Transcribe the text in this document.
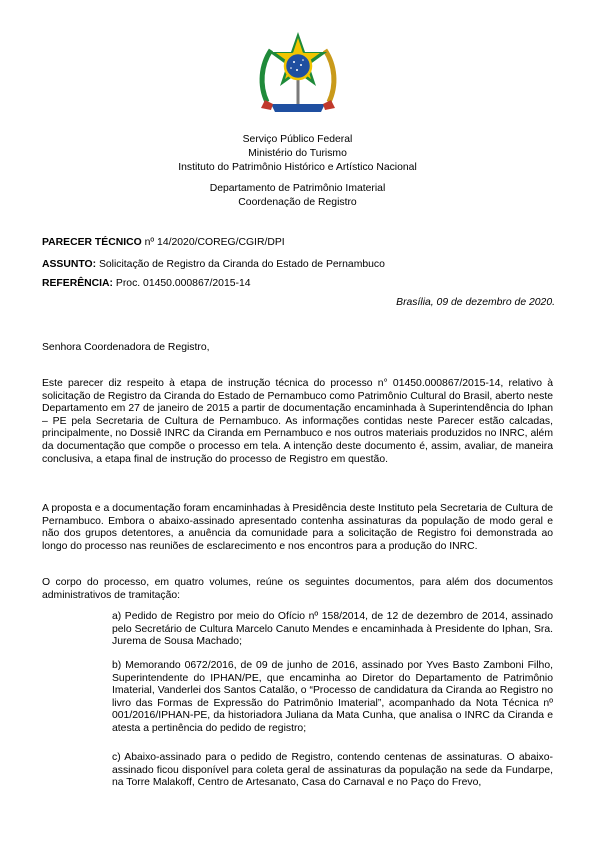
Serviço Público Federal
Ministério do Turismo
Instituto do Patrimônio Histórico e Artístico Nacional
Departamento de Patrimônio Imaterial
Coordenação de Registro
PARECER TÉCNICO nº 14/2020/COREG/CGIR/DPI
ASSUNTO: Solicitação de Registro da Ciranda do Estado de Pernambuco
REFERÊNCIA: Proc. 01450.000867/2015-14
Brasília, 09 de dezembro de 2020.
Senhora Coordenadora de Registro,
Este parecer diz respeito à etapa de instrução técnica do processo n° 01450.000867/2015-14, relativo à solicitação de Registro da Ciranda do Estado de Pernambuco como Patrimônio Cultural do Brasil, aberto neste Departamento em 27 de janeiro de 2015 a partir de documentação encaminhada à Superintendência do Iphan – PE pela Secretaria de Cultura de Pernambuco. As informações contidas neste Parecer estão calcadas, principalmente, no Dossiê INRC da Ciranda em Pernambuco e nos outros materiais produzidos no INRC, além da documentação que compõe o processo em tela. A intenção deste documento é, assim, avaliar, de maneira conclusiva, a etapa final de instrução do processo de Registro em questão.
A proposta e a documentação foram encaminhadas à Presidência deste Instituto pela Secretaria de Cultura de Pernambuco. Embora o abaixo-assinado apresentado contenha assinaturas da população de modo geral e não dos grupos detentores, a anuência da comunidade para a solicitação de Registro foi demonstrada ao longo do processo nas reuniões de esclarecimento e nos encontros para a produção do INRC.
O corpo do processo, em quatro volumes, reúne os seguintes documentos, para além dos documentos administrativos de tramitação:
a) Pedido de Registro por meio do Ofício nº 158/2014, de 12 de dezembro de 2014, assinado pelo Secretário de Cultura Marcelo Canuto Mendes e encaminhada à Presidente do Iphan, Sra. Jurema de Sousa Machado;
b) Memorando 0672/2016, de 09 de junho de 2016, assinado por Yves Basto Zamboni Filho, Superintendente do IPHAN/PE, que encaminha ao Diretor do Departamento de Patrimônio Imaterial, Vanderlei dos Santos Catalão, o “Processo de candidatura da Ciranda ao Registro no livro das Formas de Expressão do Patrimônio Imaterial”, acompanhado da Nota Técnica nº 001/2016/IPHAN-PE, da historiadora Juliana da Mata Cunha, que analisa o INRC da Ciranda e atesta a pertinência do pedido de registro;
c) Abaixo-assinado para o pedido de Registro, contendo centenas de assinaturas. O abaixo-assinado ficou disponível para coleta geral de assinaturas da população na sede da Fundarpe, na Torre Malakoff, Centro de Artesanato, Casa do Carnaval e no Paço do Frevo,
